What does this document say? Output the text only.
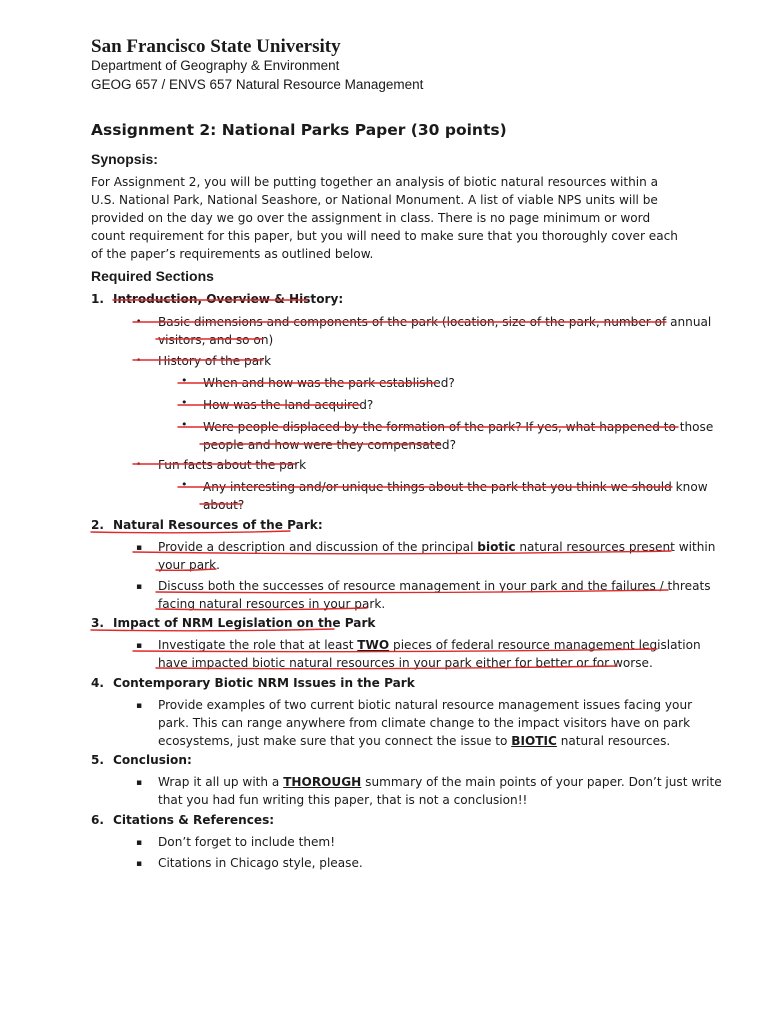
San Francisco State University
Department of Geography & Environment
GEOG 657 / ENVS 657 Natural Resource Management
Assignment 2: National Parks Paper (30 points)
Synopsis:
For Assignment 2, you will be putting together an analysis of biotic natural resources within a
U.S. National Park, National Seashore, or National Monument. A list of viable NPS units will be
provided on the day we go over the assignment in class. There is no page minimum or word
count requirement for this paper, but you will need to make sure that you thoroughly cover each
of the paper’s requirements as outlined below.
Required Sections
1. Introduction, Overview & History:
• Basic dimensions and components of the park (location, size of the park, number of annual
visitors, and so on)
• History of the park
• When and how was the park established?
• How was the land acquired?
• Were people displaced by the formation of the park? If yes, what happened to those
people and how were they compensated?
• Fun facts about the park
• Any interesting and/or unique things about the park that you think we should know
about?
2. Natural Resources of the Park:
▪ Provide a description and discussion of the principal biotic natural resources present within
your park.
▪ Discuss both the successes of resource management in your park and the failures / threats
facing natural resources in your park.
3. Impact of NRM Legislation on the Park
▪ Investigate the role that at least TWO pieces of federal resource management legislation
have impacted biotic natural resources in your park either for better or for worse.
4. Contemporary Biotic NRM Issues in the Park
▪ Provide examples of two current biotic natural resource management issues facing your
park. This can range anywhere from climate change to the impact visitors have on park
ecosystems, just make sure that you connect the issue to BIOTIC natural resources.
5. Conclusion:
▪ Wrap it all up with a THOROUGH summary of the main points of your paper. Don’t just write
that you had fun writing this paper, that is not a conclusion!!
6. Citations & References:
▪ Don’t forget to include them!
▪ Citations in Chicago style, please.
